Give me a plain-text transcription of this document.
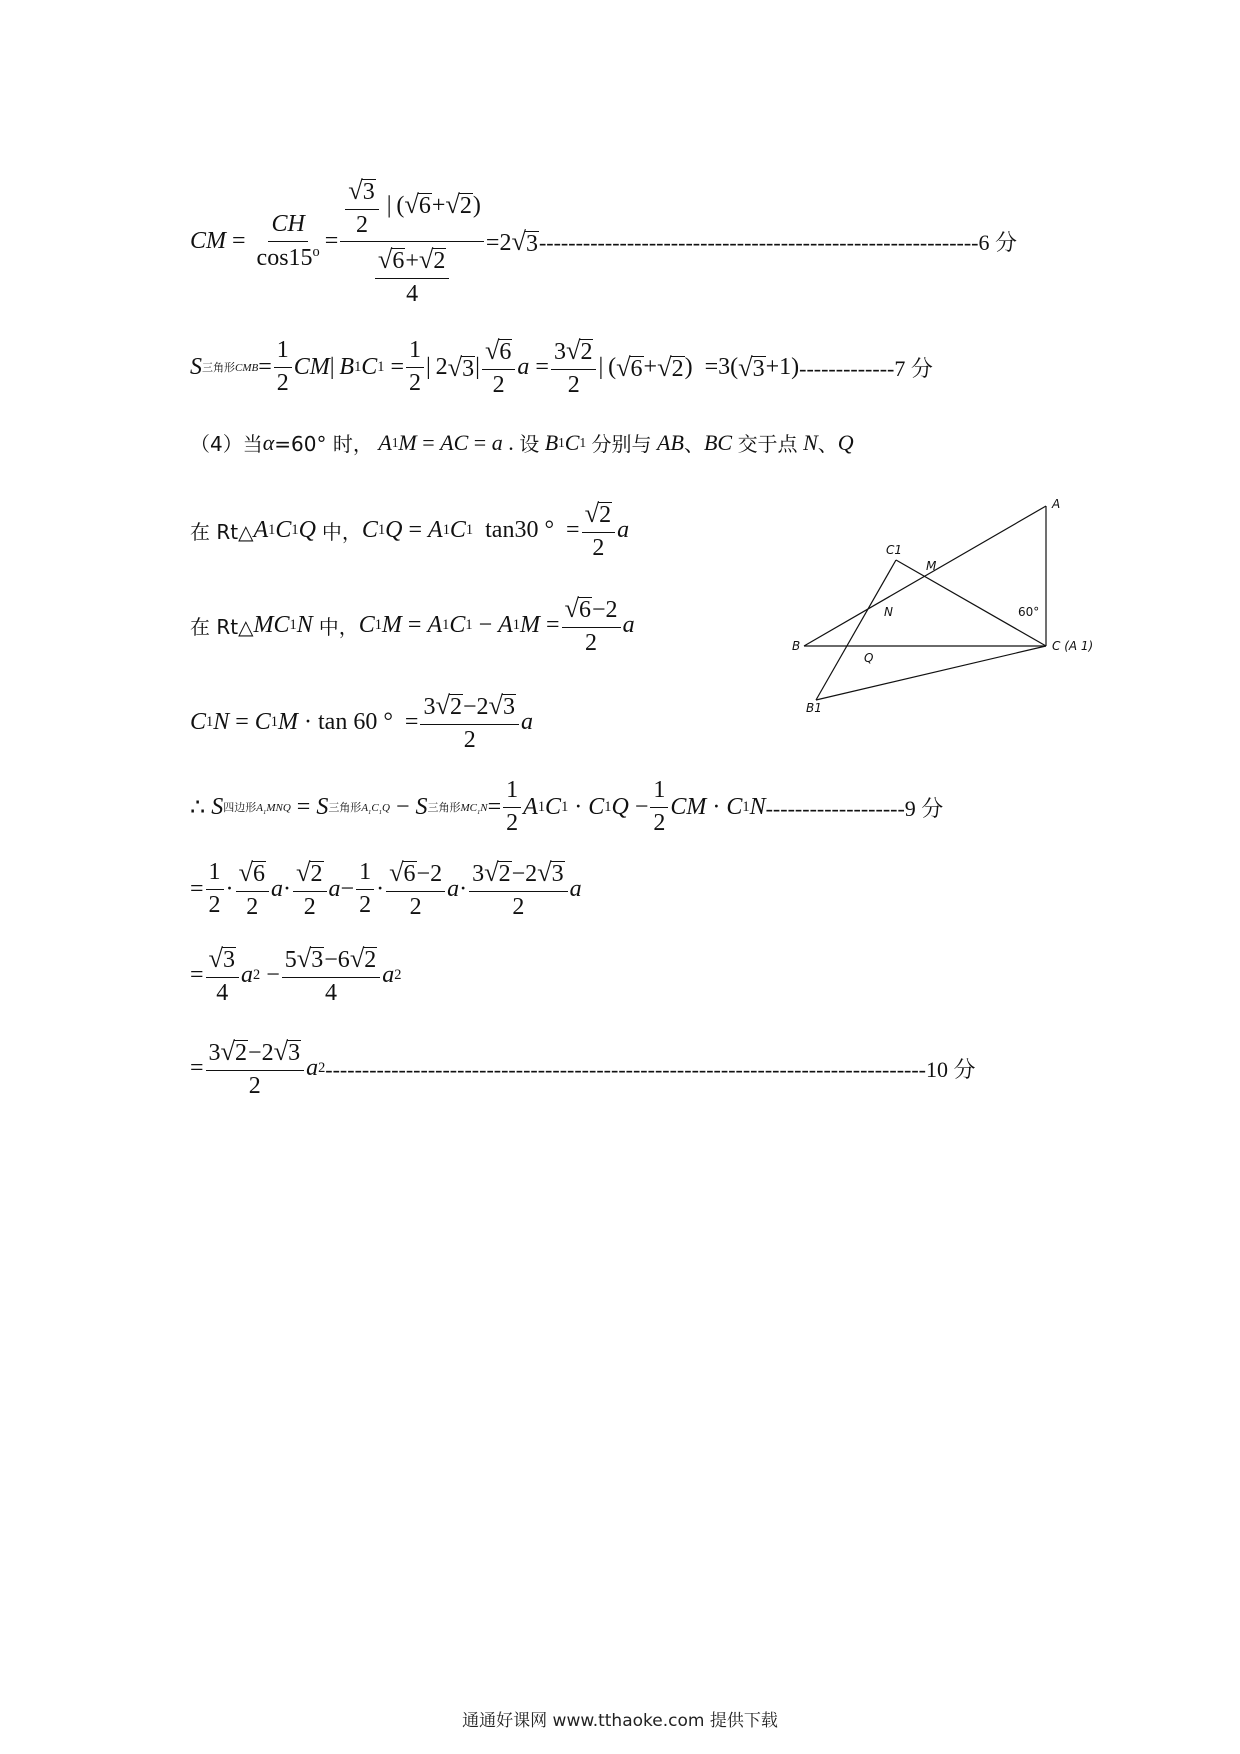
CM = $\frac{CH}{\cos 15^o} = \frac{\frac{√ 3}{2} | ( √ 6 + √ 2 )}{\frac{√ 6 + √ 2}{4}} =2$ √ 3 ------------------------------------------------------------6 分
S 三角形CMB = $\frac{1}{2}$ CM |  B 1 C $1 = \frac{1}{2}$ | 2 √ 3 | $\frac{√ 6}{2}$ $a = \frac{3 √ 2}{2}$ | ( √ 6 + √ 2 )  =3( √ 3 +1) -------------7 分
（4）当 α =60° 时，
A 1 M = AC = a . 设
B 1 C 1
分别与
AB 、 BC
交于点
N 、 Q
在 Rt△ A 1 C 1 Q
中， C 1 Q = A 1 C 1 tan30 °  = $\frac{√ 2}{2}$ a
在 Rt△ MC 1 N
中， C 1 M = A 1 C 1 − A 1 $M = \frac{√ 6 -2}{2}$ a
C 1 N = C 1 M · tan 60 °  = $\frac{3 √ 2 -2 √ 3}{2}$ a
∴ S 四边形$A_1MNQ = S$ 三角形$A_1C_1Q - S$ 三角形$MC_1N = \frac{1}{2}$ A 1 C 1 · C 1 $Q - \frac{1}{2}$ CM · C 1 N -------------------9 分
= $\frac{1}{2} \cdot \frac{√ 6}{2}$ $a \cdot \frac{√ 2}{2}$ $a - \frac{1}{2} \cdot \frac{√ 6 -2}{2}$ $a \cdot \frac{3 √ 2 -2 √ 3}{2}$ a
= $\frac{√ 3}{4}$ a $2 - \frac{5 √ 3 -6 √ 2}{4}$ a 2
= $\frac{3 √ 2 -2 √ 3}{2}$ a 2 ----------------------------------------------------------------------------------10 分
A
C1
M
N	60°
B
Q
C (A 1)
B1
通通好课网 www.tthaoke.com 提供下载
